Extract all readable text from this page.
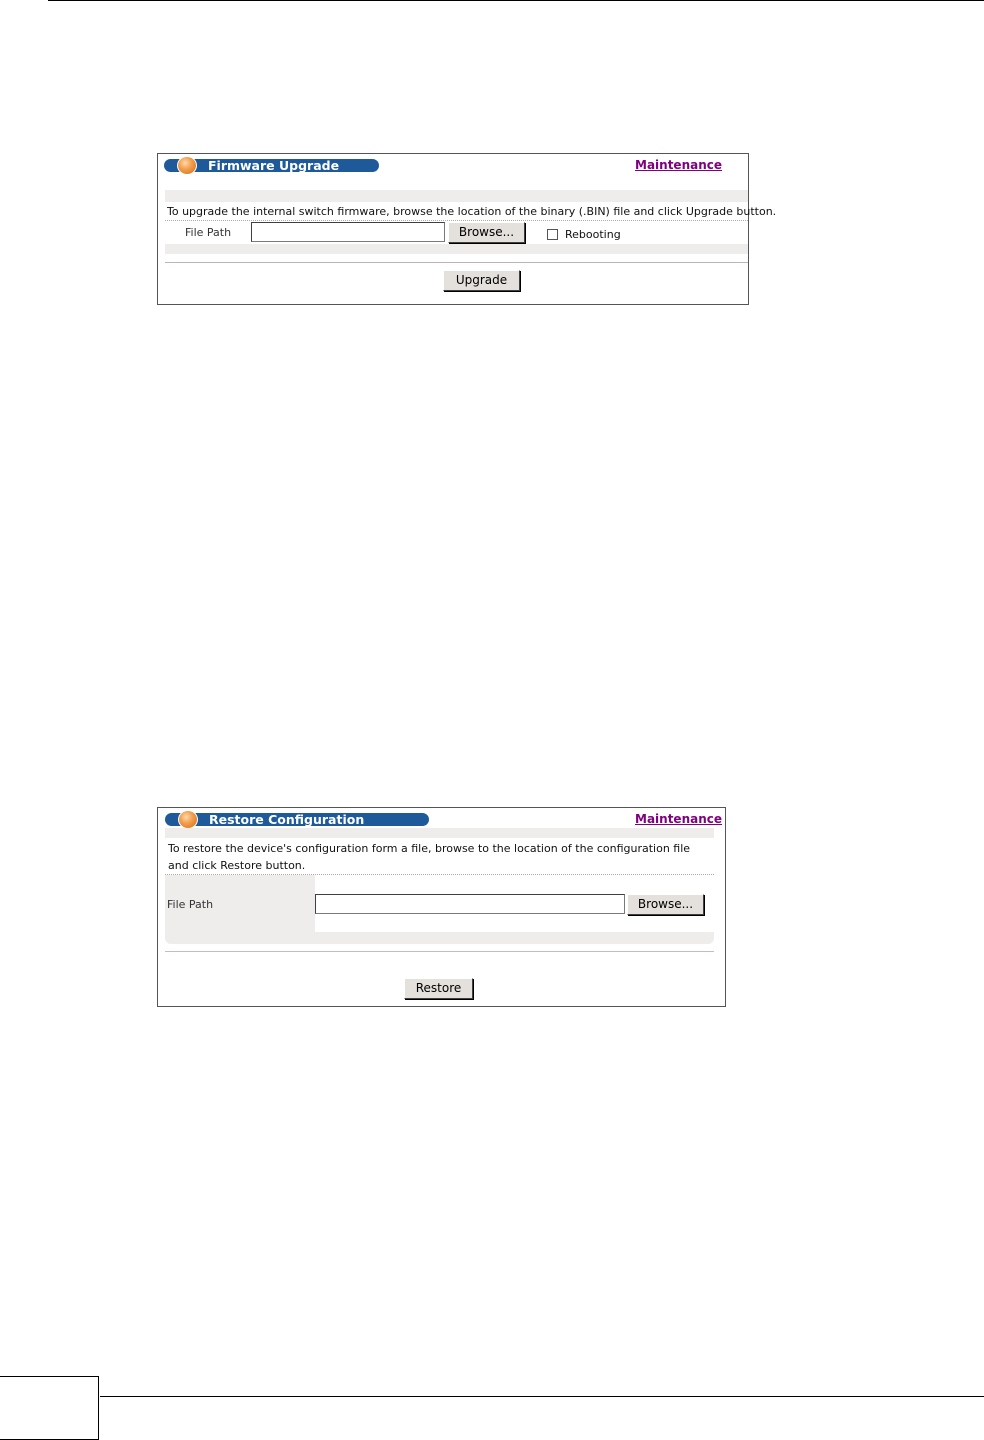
Firmware Upgrade	Maintenance
To upgrade the internal switch firmware, browse the location of the binary (.BIN) file and click Upgrade button.
File Path	Browse...	Rebooting
Upgrade
Restore Configuration	Maintenance
To restore the device's configuration form a file, browse to the location of the configuration file and click Restore button.
File Path	Browse...
Restore
